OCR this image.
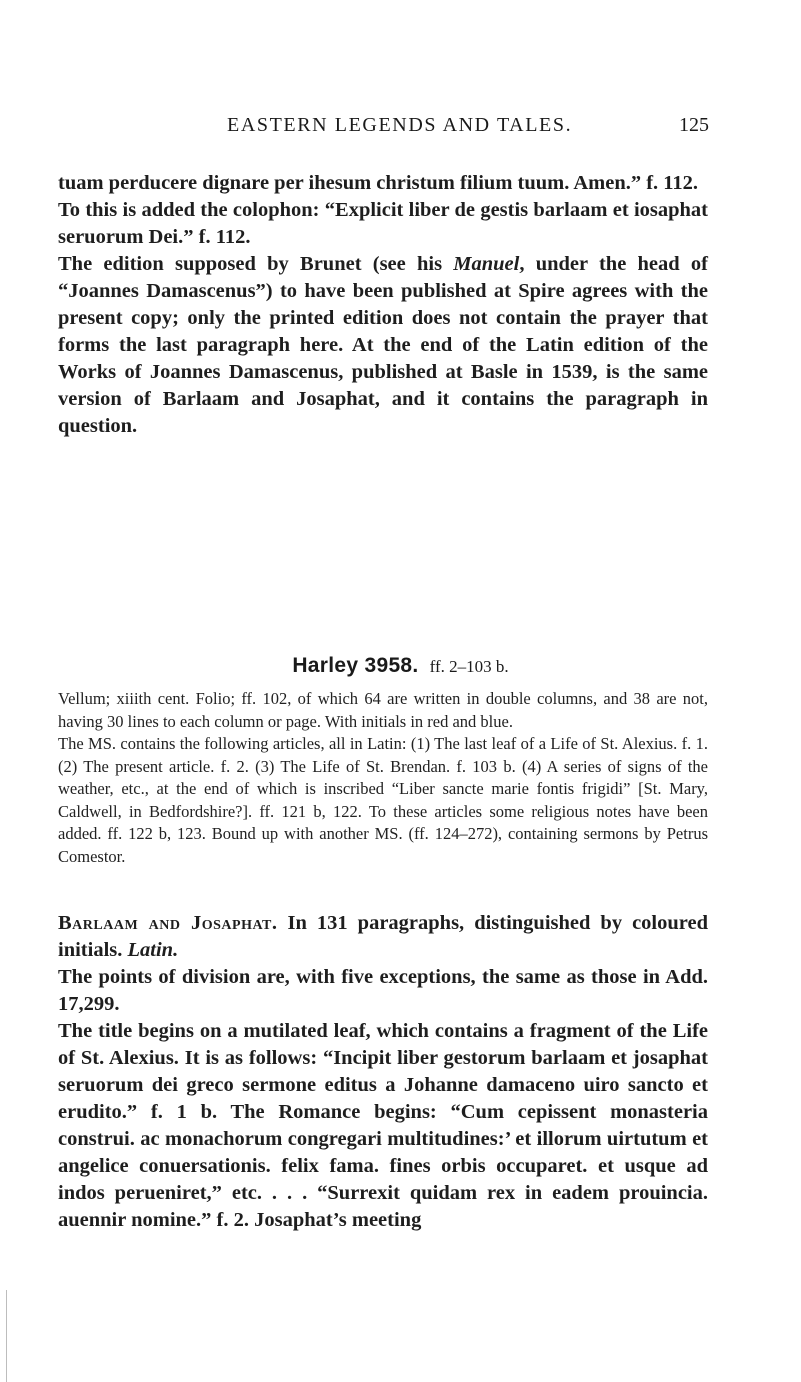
EASTERN LEGENDS AND TALES.	125

tuam perducere dignare per ihesum christum filium tuum. Amen.” f. 112.

To this is added the colophon: “Explicit liber de gestis barlaam et iosaphat seruorum Dei.” f. 112.

The edition supposed by Brunet (see his Manuel, under the head of “Joannes Damascenus”) to have been published at Spire agrees with the present copy; only the printed edition does not contain the prayer that forms the last paragraph here. At the end of the Latin edition of the Works of Joannes Damascenus, published at Basle in 1539, is the same version of Barlaam and Josaphat, and it contains the paragraph in question.

Harley 3958. ff. 2–103 b.

Vellum; xiiith cent. Folio; ff. 102, of which 64 are written in double columns, and 38 are not, having 30 lines to each column or page. With initials in red and blue.

The MS. contains the following articles, all in Latin: (1) The last leaf of a Life of St. Alexius. f. 1. (2) The present article. f. 2. (3) The Life of St. Brendan. f. 103 b. (4) A series of signs of the weather, etc., at the end of which is inscribed “Liber sancte marie fontis frigidi” [St. Mary, Caldwell, in Bedfordshire?]. ff. 121 b, 122. To these articles some religious notes have been added. ff. 122 b, 123. Bound up with another MS. (ff. 124–272), containing sermons by Petrus Comestor.

Barlaam and Josaphat. In 131 paragraphs, distinguished by coloured initials. Latin.

The points of division are, with five exceptions, the same as those in Add. 17,299.

The title begins on a mutilated leaf, which contains a fragment of the Life of St. Alexius. It is as follows: “Incipit liber gestorum barlaam et josaphat seruorum dei greco sermone editus a Johanne damaceno uiro sancto et erudito.” f. 1 b. The Romance begins: “Cum cepissent monasteria construi. ac monachorum congregari multitudines:’ et illorum uirtutum et angelice conuersationis. felix fama. fines orbis occuparet. et usque ad indos perueniret,” etc. . . . “Surrexit quidam rex in eadem prouincia. auennir nomine.” f. 2. Josaphat’s meeting
